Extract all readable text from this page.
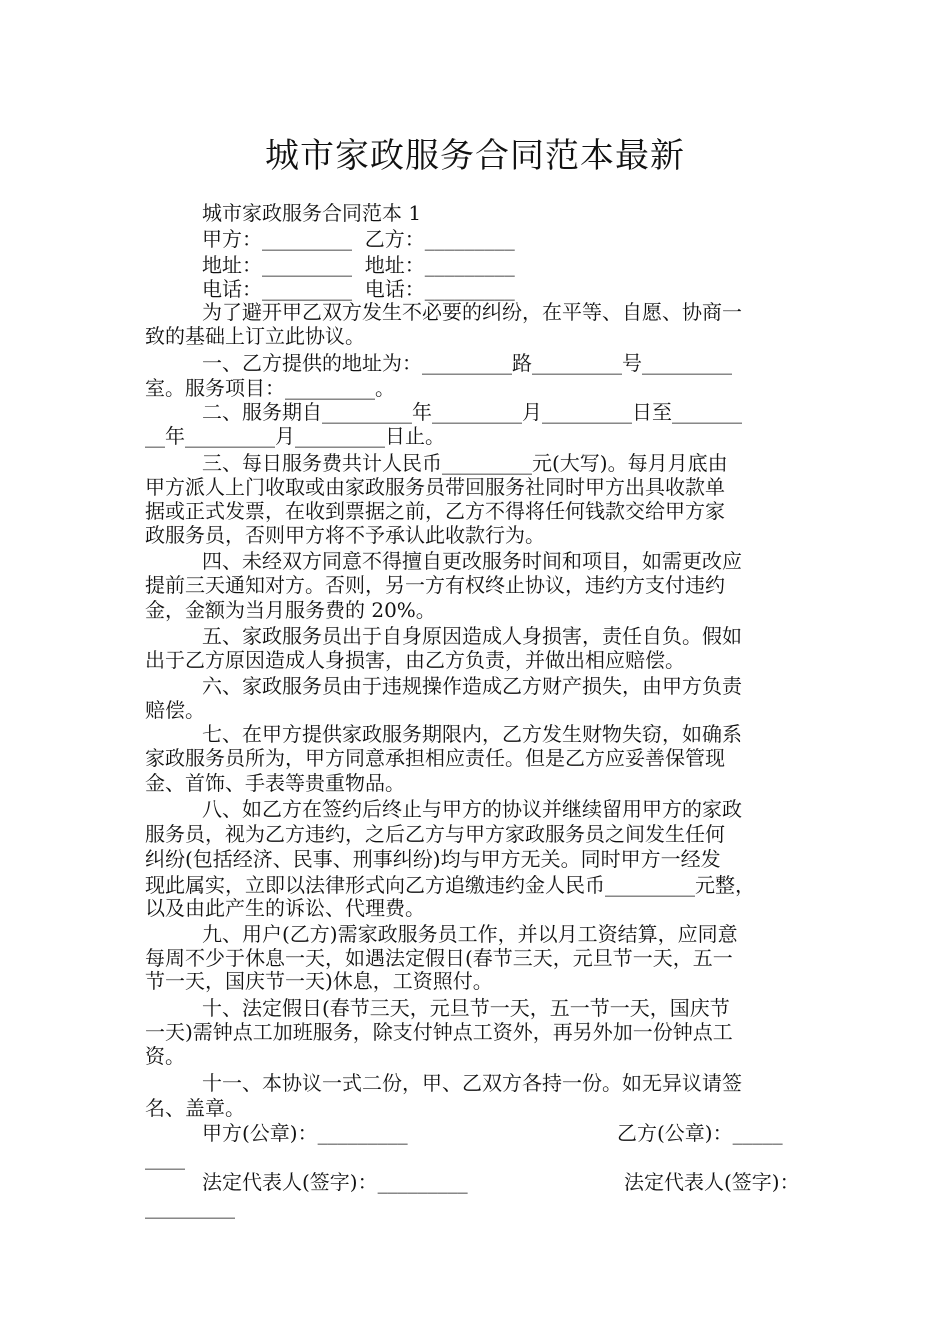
城市家政服务合同范本最新
城市家政服务合同范本 1
甲方：_________  乙方：_________
地址：_________  地址：_________
电话：_________  电话：_________
为了避开甲乙双方发生不必要的纠纷，在平等、自愿、协商一
致的基础上订立此协议。
一、乙方提供的地址为：_________路_________号_________
室。服务项目：_________。
二、服务期自_________年_________月_________日至_______
__年_________月_________日止。
三、每日服务费共计人民币_________元(大写)。每月月底由
甲方派人上门收取或由家政服务员带回服务社同时甲方出具收款单
据或正式发票，在收到票据之前，乙方不得将任何钱款交给甲方家
政服务员，否则甲方将不予承认此收款行为。
四、未经双方同意不得擅自更改服务时间和项目，如需更改应
提前三天通知对方。否则，另一方有权终止协议，违约方支付违约
金，金额为当月服务费的 20%。
五、家政服务员出于自身原因造成人身损害，责任自负。假如
出于乙方原因造成人身损害，由乙方负责，并做出相应赔偿。
六、家政服务员由于违规操作造成乙方财产损失，由甲方负责
赔偿。
七、在甲方提供家政服务期限内，乙方发生财物失窃，如确系
家政服务员所为，甲方同意承担相应责任。但是乙方应妥善保管现
金、首饰、手表等贵重物品。
八、如乙方在签约后终止与甲方的协议并继续留用甲方的家政
服务员，视为乙方违约，之后乙方与甲方家政服务员之间发生任何
纠纷(包括经济、民事、刑事纠纷)均与甲方无关。同时甲方一经发
现此属实，立即以法律形式向乙方追缴违约金人民币_________元整，
以及由此产生的诉讼、代理费。
九、用户(乙方)需家政服务员工作，并以月工资结算，应同意
每周不少于休息一天，如遇法定假日(春节三天，元旦节一天，五一
节一天，国庆节一天)休息，工资照付。
十、法定假日(春节三天，元旦节一天，五一节一天，国庆节
一天)需钟点工加班服务，除支付钟点工资外，再另外加一份钟点工
资。
十一、本协议一式二份，甲、乙双方各持一份。如无异议请签
名、盖章。
甲方(公章)：_________	乙方(公章)：_____
____
法定代表人(签字)：_________	法定代表人(签字)：
_________
